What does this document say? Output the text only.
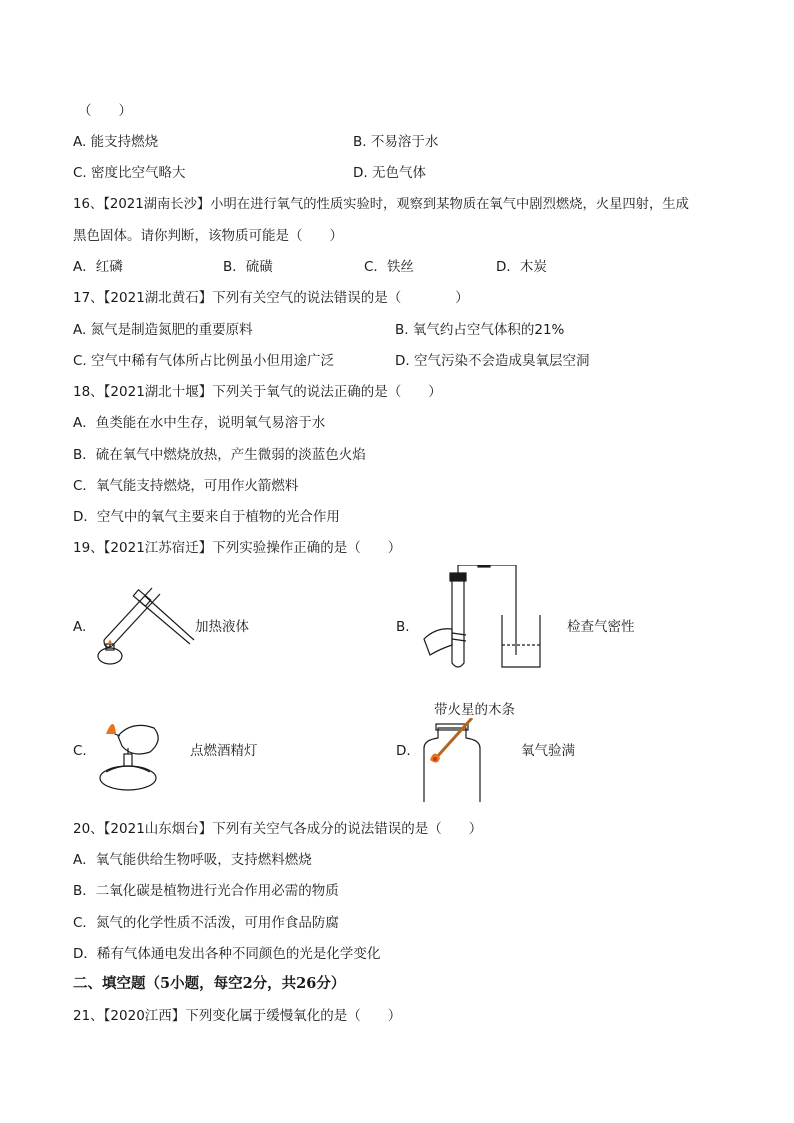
（　　）
A. 能支持燃烧	B. 不易溶于水
C. 密度比空气略大	D. 无色气体
16、【2021湖南长沙】小明在进行氧气的性质实验时，观察到某物质在氧气中剧烈燃烧，火星四射，生成
黑色固体。请你判断，该物质可能是（　　）
A．红磷	B．硫磺	C．铁丝	D．木炭
17、【2021湖北黄石】下列有关空气的说法错误的是（　　　　）
A. 氮气是制造氮肥的重要原料	B. 氧气约占空气体积的21%
C. 空气中稀有气体所占比例虽小但用途广泛	D. 空气污染不会造成臭氧层空洞
18、【2021湖北十堰】下列关于氧气的说法正确的是（　　）
A．鱼类能在水中生存，说明氧气易溶于水
B．硫在氧气中燃烧放热，产生微弱的淡蓝色火焰
C．氧气能支持燃烧，可用作火箭燃料
D．空气中的氧气主要来自于植物的光合作用
19、【2021江苏宿迁】下列实验操作正确的是（　　）
A.	加热液体	B.	检查气密性
C.	点燃酒精灯
带火星的木条
D.	氧气验满
20、【2021山东烟台】下列有关空气各成分的说法错误的是（　　）
A．氧气能供给生物呼吸，支持燃料燃烧
B．二氧化碳是植物进行光合作用必需的物质
C．氮气的化学性质不活泼，可用作食品防腐
D．稀有气体通电发出各种不同颜色的光是化学变化
二、填空题（5小题，每空2分，共26分）
21、【2020江西】下列变化属于缓慢氧化的是（　　）
